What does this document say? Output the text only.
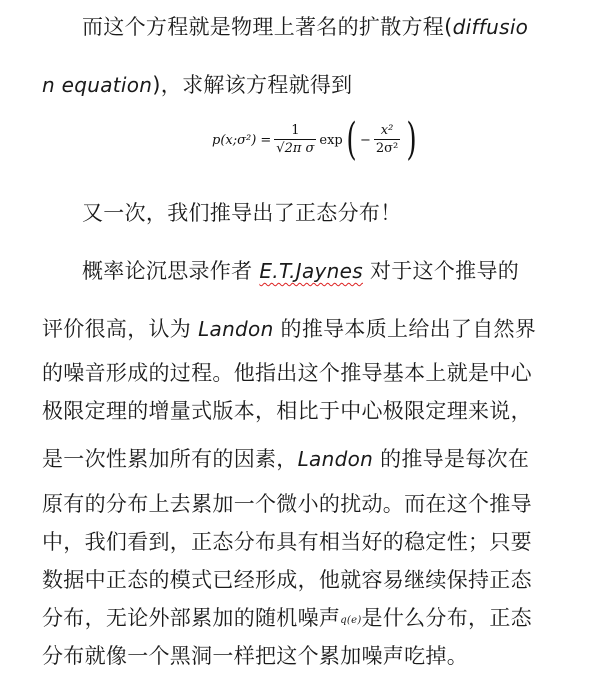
而这个方程就是物理上著名的扩散方程(diffusio
n equation)，求解该方程就得到
p(x;σ²) = $\frac{1}{\text{√2π σ}}$ exp ( − $\frac{\text{x²}}{\text{2σ²}}$ )
又一次，我们推导出了正态分布！
概率论沉思录作者 E.T.Jaynes 对于这个推导的
评价很高，认为 Landon 的推导本质上给出了自然界
的噪音形成的过程。他指出这个推导基本上就是中心
极限定理的增量式版本，相比于中心极限定理来说，
是一次性累加所有的因素，Landon 的推导是每次在
原有的分布上去累加一个微小的扰动。而在这个推导
中，我们看到，正态分布具有相当好的稳定性；只要
数据中正态的模式已经形成，他就容易继续保持正态
分布，无论外部累加的随机噪声q(e)是什么分布，正态
分布就像一个黑洞一样把这个累加噪声吃掉。
